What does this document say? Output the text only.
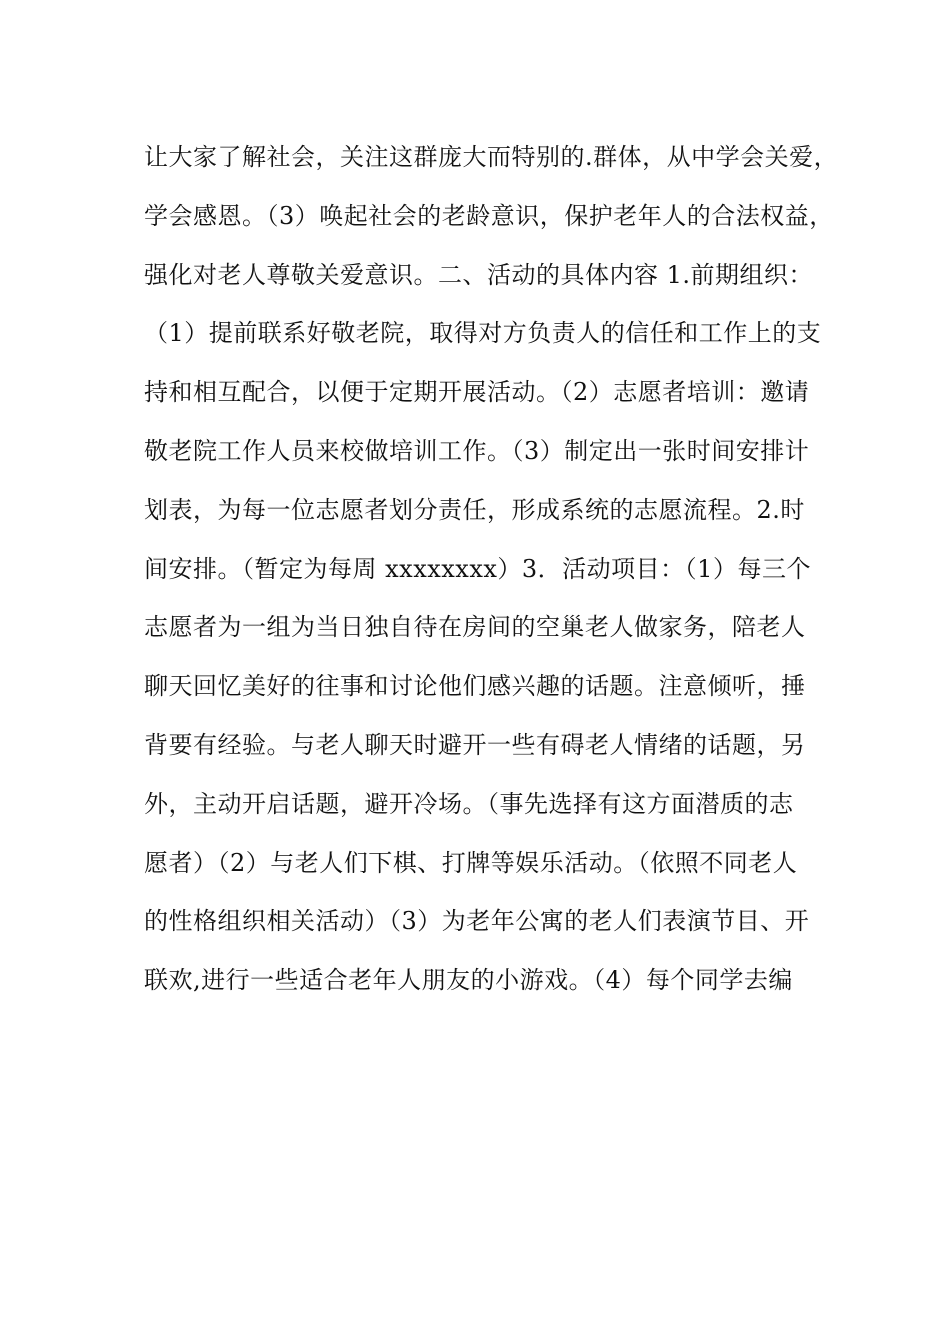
让大家了解社会，关注这群庞大而特别的.群体，从中学会关爱，
学会感恩。（3）唤起社会的老龄意识，保护老年人的合法权益，
强化对老人尊敬关爱意识。二、活动的具体内容 1.前期组织：
（1）提前联系好敬老院，取得对方负责人的信任和工作上的支
持和相互配合，以便于定期开展活动。（2）志愿者培训：邀请
敬老院工作人员来校做培训工作。（3）制定出一张时间安排计
划表，为每一位志愿者划分责任，形成系统的志愿流程。2.时
间安排。（暂定为每周 xxxxxxxx）3．活动项目：（1）每三个
志愿者为一组为当日独自待在房间的空巢老人做家务，陪老人
聊天回忆美好的往事和讨论他们感兴趣的话题。注意倾听，捶
背要有经验。与老人聊天时避开一些有碍老人情绪的话题，另
外，主动开启话题，避开冷场。（事先选择有这方面潜质的志
愿者）（2）与老人们下棋、打牌等娱乐活动。（依照不同老人
的性格组织相关活动）（3）为老年公寓的老人们表演节目、开
联欢,进行一些适合老年人朋友的小游戏。（4）每个同学去编
